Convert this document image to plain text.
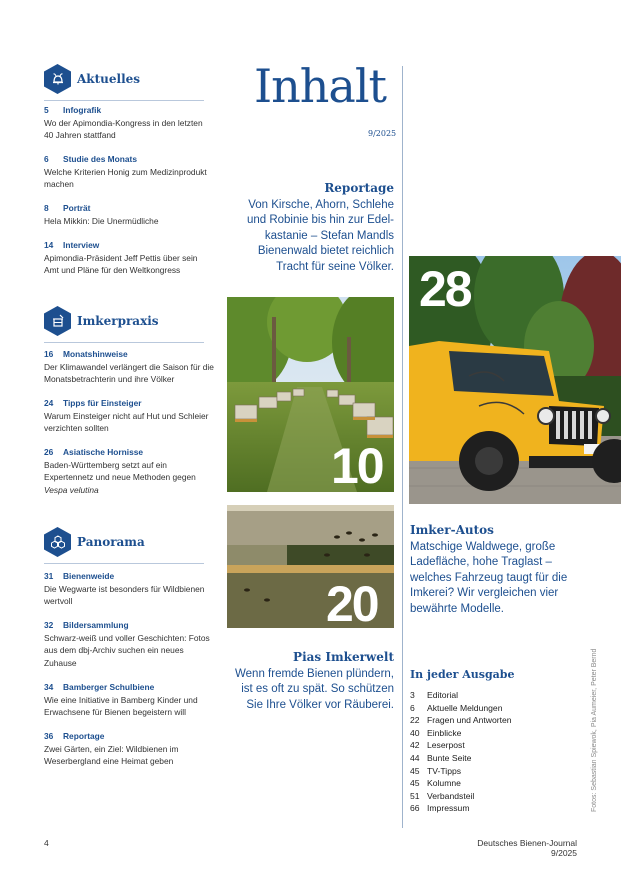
Aktuelles
5 Infografik
Wo der Apimondia-Kongress in den letzten 40 Jahren stattfand
6 Studie des Monats
Welche Kriterien Honig zum Medizinprodukt machen
8 Porträt
Hela Mikkin: Die Unermüdliche
14 Interview
Apimondia-Präsident Jeff Pettis über sein Amt und Pläne für den Weltkongress
Imkerpraxis
16 Monatshinweise
Der Klimawandel verlängert die Saison für die Monatsbetrachterin und ihre Völker
24 Tipps für Einsteiger
Warum Einsteiger nicht auf Hut und Schleier verzichten sollten
26 Asiatische Hornisse
Baden-Württemberg setzt auf ein Expertennetz und neue Methoden gegen Vespa velutina
Panorama
31 Bienenweide
Die Wegwarte ist besonders für Wildbienen wertvoll
32 Bildersammlung
Schwarz-weiß und voller Geschichten: Fotos aus dem dbj-Archiv suchen ein neues Zuhause
34 Bamberger Schulbiene
Wie eine Initiative in Bamberg Kinder und Erwachsene für Bienen begeistern will
36 Reportage
Zwei Gärten, ein Ziel: Wildbienen im Weserbergland eine Heimat geben
Inhalt
9/2025
Reportage
Von Kirsche, Ahorn, Schlehe und Robinie bis hin zur Edelkastanie – Stefan Mandls Bienenwald bietet reichlich Tracht für seine Völker.
10
20
Pias Imkerwelt
Wenn fremde Bienen plündern, ist es oft zu spät. So schützen Sie Ihre Völker vor Räuberei.
28
Imker-Autos
Matschige Waldwege, große Ladefläche, hohe Traglast – welches Fahrzeug taugt für die Imkerei? Wir vergleichen vier bewährte Modelle.
In jeder Ausgabe
3 Editorial
6 Aktuelle Meldungen
22 Fragen und Antworten
40 Einblicke
42 Leserpost
44 Bunte Seite
45 TV-Tipps
45 Kolumne
51 Verbandsteil
66 Impressum	Fotos: Sebastian Spiewok, Pia Aumeier, Peter Bernd
4	Deutsches Bienen-Journal 9/2025
